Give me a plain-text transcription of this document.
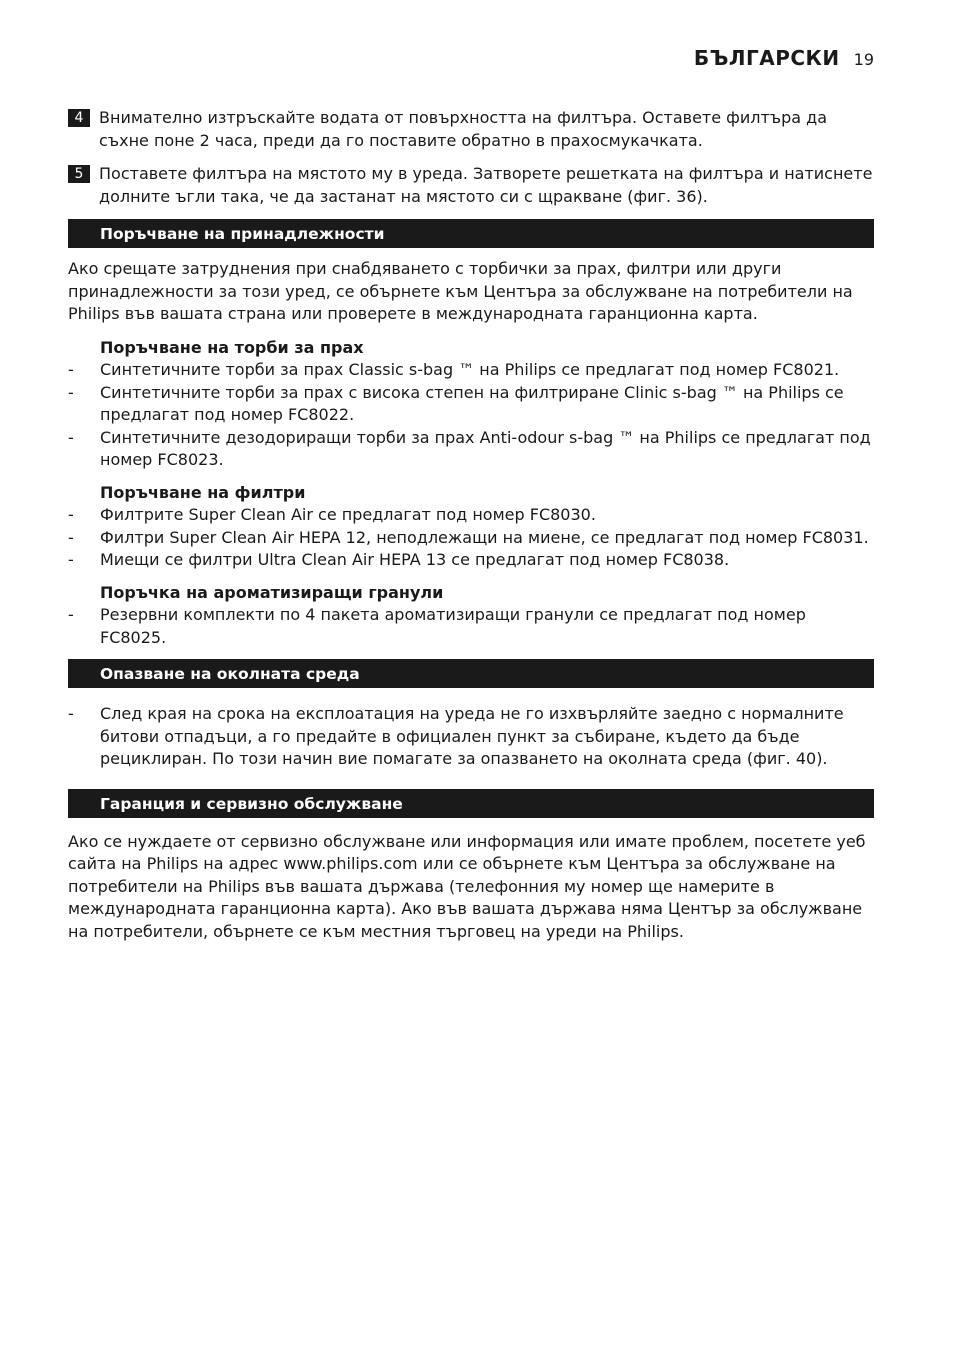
БЪЛГАРСКИ 19
4 Внимателно изтръскайте водата от повърхността на филтъра. Оставете филтъра да съхне поне 2 часа, преди да го поставите обратно в прахосмукачката.
5 Поставете филтъра на мястото му в уреда. Затворете решетката на филтъра и натиснете долните ъгли така, че да застанат на мястото си с щракване (фиг. 36).
Поръчване на принадлежности

Ако срещате затруднения при снабдяването с торбички за прах, филтри или други принадлежности за този уред, се обърнете към Центъра за обслужване на потребители на Philips във вашата страна или проверете в международната гаранционна карта.

Поръчване на торби за прах
-	Синтетичните торби за прах Classic s-bag ™ на Philips се предлагат под номер FC8021.
-	Синтетичните торби за прах с висока степен на филтриране Clinic s-bag ™ на Philips се предлагат под номер FC8022.
-	Синтетичните дезодориращи торби за прах Anti-odour s-bag ™ на Philips се предлагат под номер FC8023.
Поръчване на филтри
-	Филтрите Super Clean Air се предлагат под номер FC8030.
-	Филтри Super Clean Air HEPA 12, неподлежащи на миене, се предлагат под номер FC8031.
-	Миещи се филтри Ultra Clean Air HEPA 13 се предлагат под номер FC8038.
Поръчка на ароматизиращи гранули
-	Резервни комплекти по 4 пакета ароматизиращи гранули се предлагат под номер FC8025.
Опазване на околната среда
-	След края на срока на експлоатация на уреда не го изхвърляйте заедно с нормалните битови отпадъци, а го предайте в официален пункт за събиране, където да бъде рециклиран. По този начин вие помагате за опазването на околната среда (фиг. 40).
Гаранция и сервизно обслужване

Ако се нуждаете от сервизно обслужване или информация или имате проблем, посетете уеб сайта на Philips на адрес www.philips.com или се обърнете към Центъра за обслужване на потребители на Philips във вашата държава (телефонния му номер ще намерите в международната гаранционна карта). Ако във вашата държава няма Център за обслужване на потребители, обърнете се към местния търговец на уреди на Philips.
